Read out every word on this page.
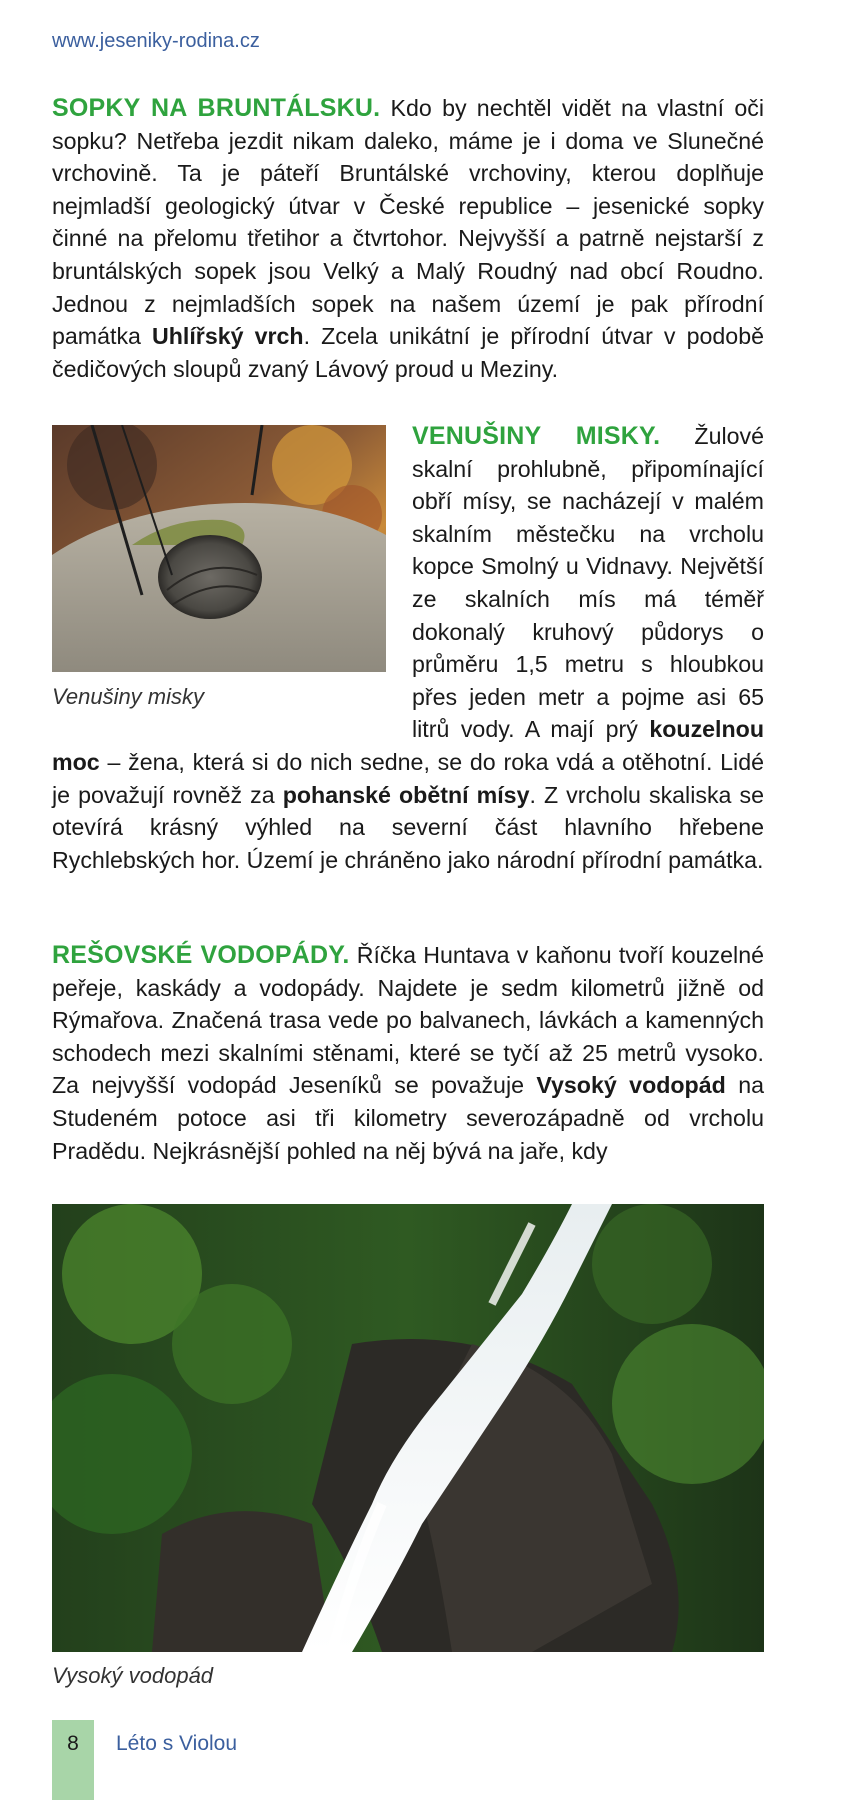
www.jeseniky-rodina.cz
SOPKY NA BRUNTÁLSKU. Kdo by nechtěl vidět na vlastní oči sopku? Netřeba jezdit nikam daleko, máme je i doma ve Slunečné vrchovině. Ta je páteří Bruntálské vrchoviny, kterou doplňuje nejmladší geologický útvar v České republice – jesenické sopky činné na přelomu třetihor a čtvrtohor. Nejvyšší a patrně nejstarší z bruntálských sopek jsou Velký a Malý Roudný nad obcí Roudno. Jednou z nejmladších sopek na našem území je pak přírodní památka Uhlířský vrch. Zcela unikátní je přírodní útvar v podobě čedičových sloupů zvaný Lávový proud u Meziny.
Venušiny misky
VENUŠINY MISKY. Žulové skalní prohlubně, připomínající obří mísy, se nacházejí v malém skalním městečku na vrcholu kopce Smolný u Vidnavy. Největší ze skalních mís má téměř dokonalý kruhový půdorys o průměru 1,5 metru s hloubkou přes jeden metr a pojme asi 65 litrů vody. A mají prý kouzelnou moc – žena, která si do nich sedne, se do roka vdá a otěhotní. Lidé je považují rovněž za pohanské obětní mísy. Z vrcholu skaliska se otevírá krásný výhled na severní část hlavního hřebene Rychlebských hor. Území je chráněno jako národní přírodní památka.
REŠOVSKÉ VODOPÁDY. Říčka Huntava v kaňonu tvoří kouzelné peřeje, kaskády a vodopády. Najdete je sedm kilometrů jižně od Rýmařova. Značená trasa vede po balvanech, lávkách a kamenných schodech mezi skalními stěnami, které se tyčí až 25 metrů vysoko. Za nejvyšší vodopád Jeseníků se považuje Vysoký vodopád na Studeném potoce asi tři kilometry severozápadně od vrcholu Pradědu. Nejkrásnější pohled na něj bývá na jaře, kdy
Vysoký vodopád
8	Léto s Violou
